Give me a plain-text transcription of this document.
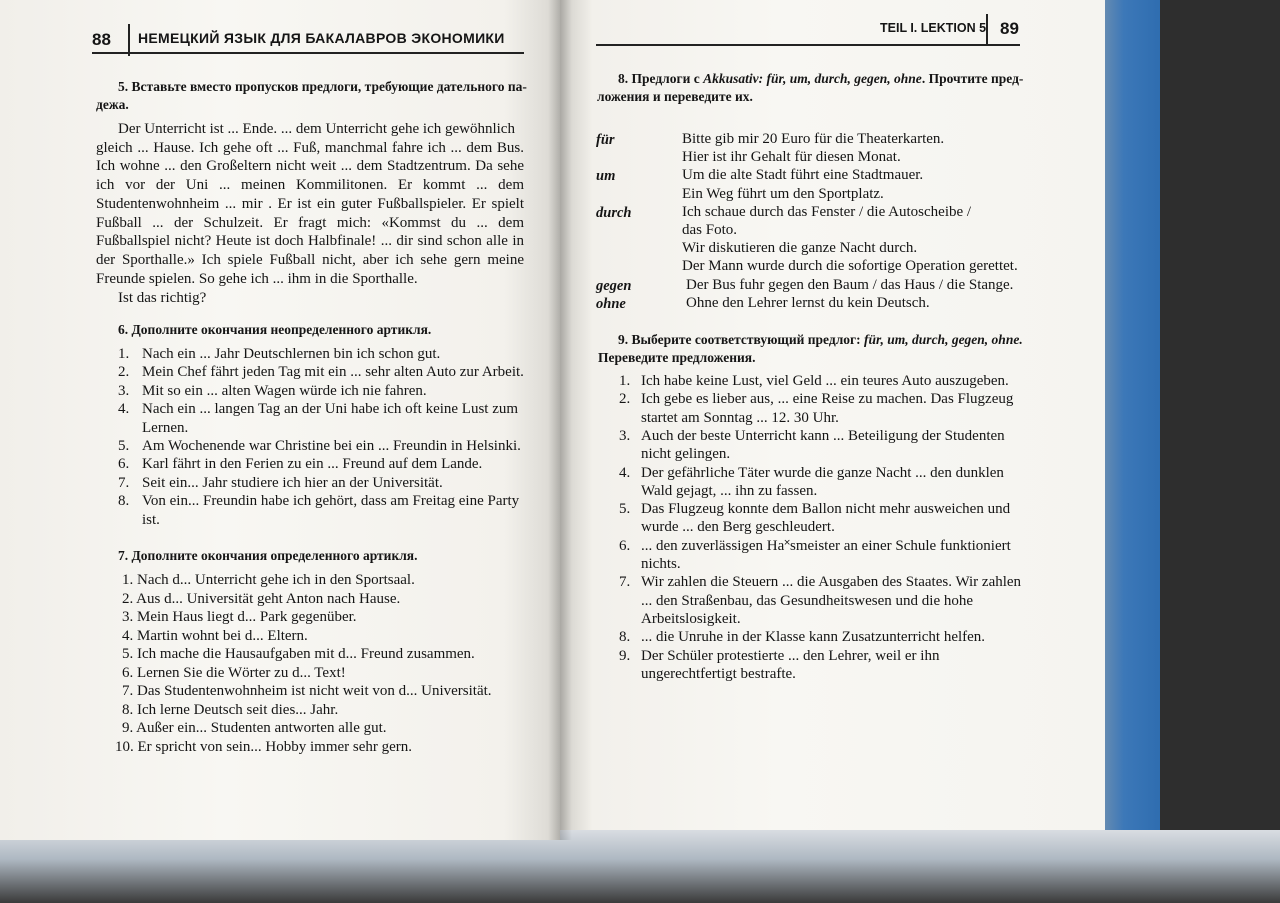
88 НЕМЕЦКИЙ ЯЗЫК ДЛЯ БАКАЛАВРОВ ЭКОНОМИКИ
5. Вставьте вместо пропусков предлоги, требующие дательного па-
дежа.
Der Unterricht ist ... Ende. ... dem Unterricht gehe ich gewöhnlich
gleich ... Hause. Ich gehe oft ... Fuß, manchmal fahre ich ... dem Bus.
Ich wohne ... den Großeltern nicht weit ... dem Stadtzentrum. Da sehe
ich vor der Uni ... meinen Kommilitonen. Er kommt ... dem
Studentenwohnheim ... mir . Er ist ein guter Fußballspieler. Er spielt
Fußball ... der Schulzeit. Er fragt mich: «Kommst du ... dem
Fußballspiel nicht? Heute ist doch Halbfinale! ... dir sind schon alle in
der Sporthalle.» Ich spiele Fußball nicht, aber ich sehe gern meine
Freunde spielen. So gehe ich ... ihm in die Sporthalle.
Ist das richtig?
6. Дополните окончания неопределенного артикля.
1. Nach ein ... Jahr Deutschlernen bin ich schon gut.
2. Mein Chef fährt jeden Tag mit ein ... sehr alten Auto zur Arbeit.
3. Mit so ein ... alten Wagen würde ich nie fahren.
4. Nach ein ... langen Tag an der Uni habe ich oft keine Lust zum
Lernen.
5. Am Wochenende war Christine bei ein ... Freundin in Helsinki.
6. Karl fährt in den Ferien zu ein ... Freund auf dem Lande.
7. Seit ein... Jahr studiere ich hier an der Universität.
8. Von ein... Freundin habe ich gehört, dass am Freitag eine Party
ist.
7. Дополните окончания определенного артикля.
1. Nach d... Unterricht gehe ich in den Sportsaal.
2. Aus d... Universität geht Anton nach Hause.
3. Mein Haus liegt d... Park gegenüber.
4. Martin wohnt bei d... Eltern.
5. Ich mache die Hausaufgaben mit d... Freund zusammen.
6. Lernen Sie die Wörter zu d... Text!
7. Das Studentenwohnheim ist nicht weit von d... Universität.
8. Ich lerne Deutsch seit dies... Jahr.
9. Außer ein... Studenten antworten alle gut.
10. Er spricht von sein... Hobby immer sehr gern.
TEIL I. LEKTION 5 89
8. Предлоги с Akkusativ: für, um, durch, gegen, ohne. Прочтите пред-
ложения и переведите их.
für	Bitte gib mir 20 Euro für die Theaterkarten.
Hier ist ihr Gehalt für diesen Monat.
um	Um die alte Stadt führt eine Stadtmauer.
Ein Weg führt um den Sportplatz.
durch	Ich schaue durch das Fenster / die Autoscheibe /
das Foto.
Wir diskutieren die ganze Nacht durch.
Der Mann wurde durch die sofortige Operation gerettet.
gegen	Der Bus fuhr gegen den Baum / das Haus / die Stange.
ohne	Ohne den Lehrer lernst du kein Deutsch.
9. Выберите соответствующий предлог: für, um, durch, gegen, ohne.
Переведите предложения.
1. Ich habe keine Lust, viel Geld ... ein teures Auto auszugeben.
2. Ich gebe es lieber aus, ... eine Reise zu machen. Das Flugzeug
startet am Sonntag ... 12. 30 Uhr.
3. Auch der beste Unterricht kann ... Beteiligung der Studenten
nicht gelingen.
4. Der gefährliche Täter wurde die ganze Nacht ... den dunklen
Wald gejagt, ... ihn zu fassen.
5. Das Flugzeug konnte dem Ballon nicht mehr ausweichen und
wurde ... den Berg geschleudert.
6. ... den zuverlässigen Ha˟smeister an einer Schule funktioniert
nichts.
7. Wir zahlen die Steuern ... die Ausgaben des Staates. Wir zahlen
... den Straßenbau, das Gesundheitswesen und die hohe
Arbeitslosigkeit.
8. ... die Unruhe in der Klasse kann Zusatzunterricht helfen.
9. Der Schüler protestierte ... den Lehrer, weil er ihn
ungerechtfertigt bestrafte.
